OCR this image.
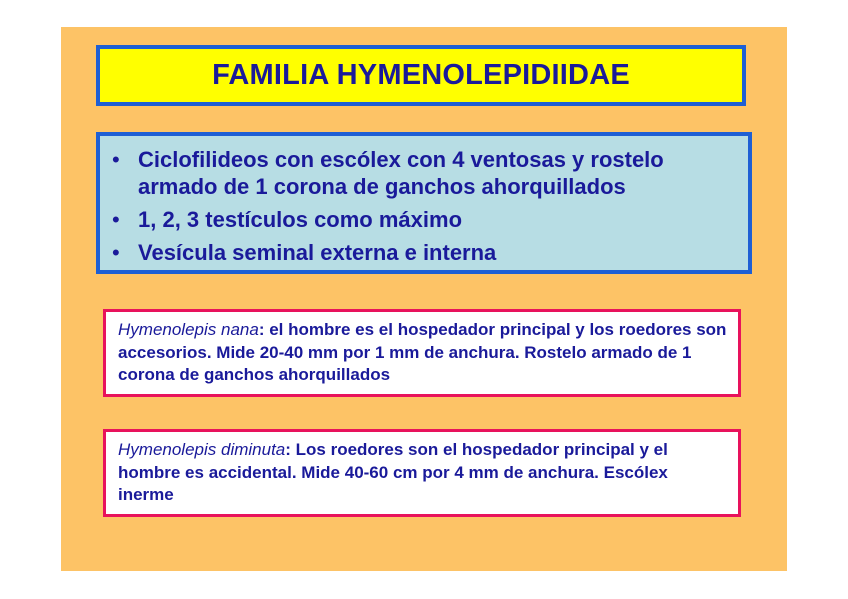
FAMILIA HYMENOLEPIDIIDAE
• Ciclofilideos con escólex con 4 ventosas y rostelo armado de 1 corona de ganchos ahorquillados
• 1, 2, 3 testículos como máximo
• Vesícula seminal externa e interna
Hymenolepis nana: el hombre es el hospedador principal y los roedores son accesorios. Mide 20-40 mm por 1 mm de anchura. Rostelo armado de 1 corona de ganchos ahorquillados
Hymenolepis diminuta: Los roedores son el hospedador principal y el hombre es accidental. Mide 40-60 cm por 4 mm de anchura. Escólex inerme
